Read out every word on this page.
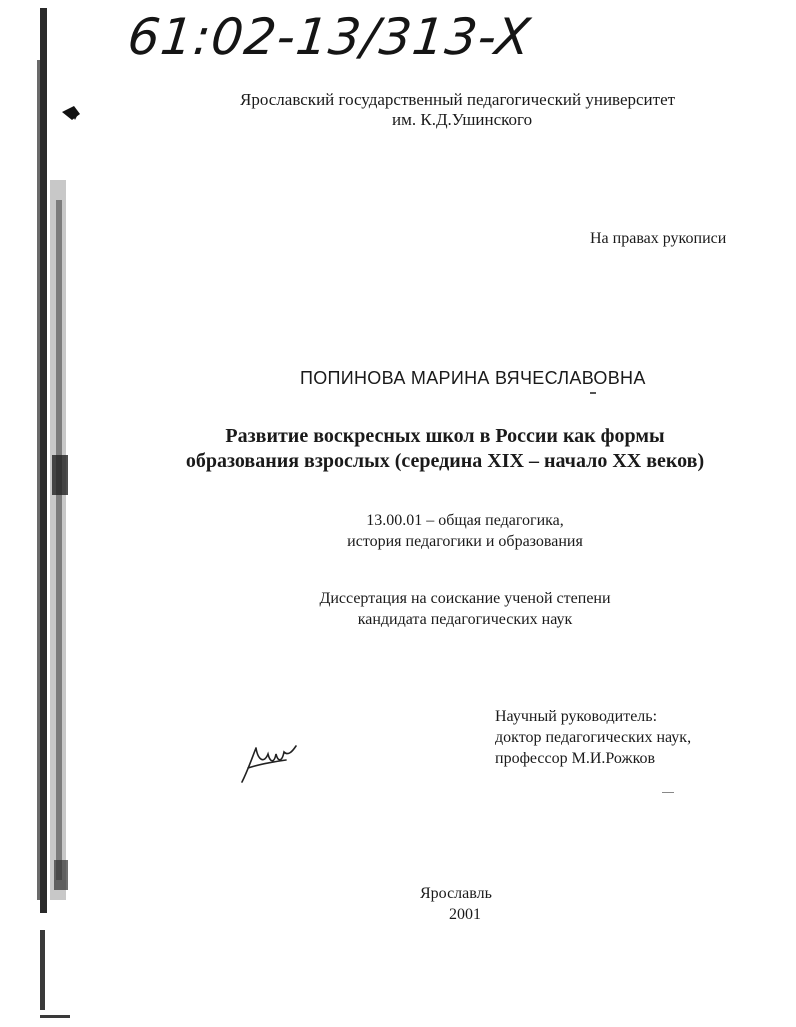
61:02-13/313-X
Ярославский государственный педагогический университет
им. К.Д.Ушинского
На правах рукописи
ПОПИНОВА МАРИНА ВЯЧЕСЛАВОВНА
Развитие воскресных школ в России как формы
образования взрослых (середина XIX – начало XX веков)
13.00.01 – общая педагогика,
история педагогики и образования
Диссертация на соискание ученой степени
кандидата педагогических наук
Научный руководитель:
доктор педагогических наук,
профессор М.И.Рожков
Ярославль
2001
